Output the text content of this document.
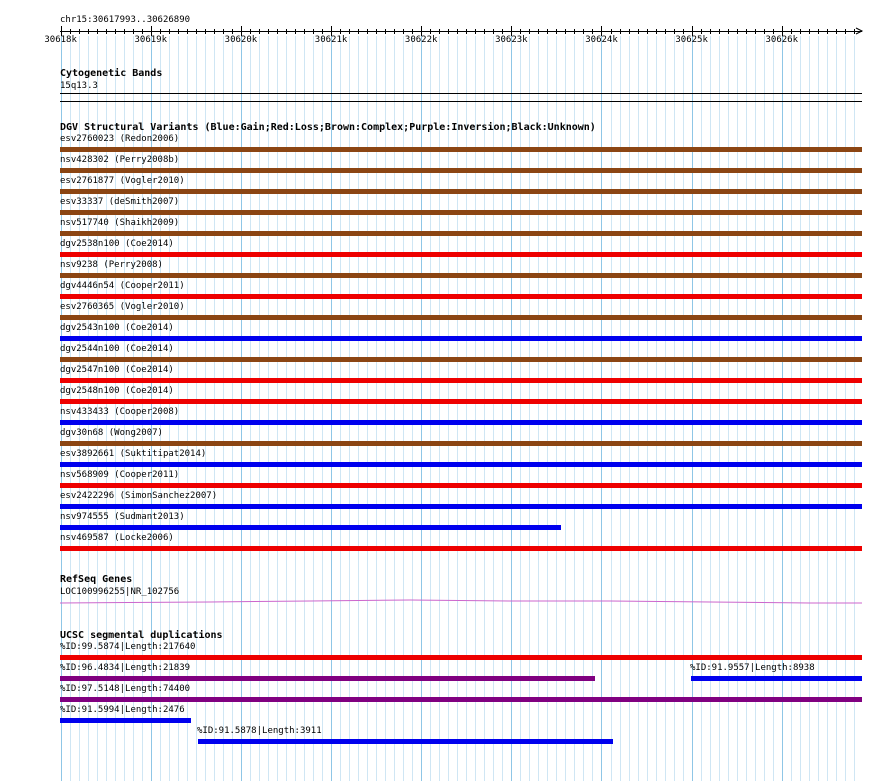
chr15:30617993..30626890
30618k	30619k	30620k	30621k	30622k	30623k	30624k	30625k	30626k
Cytogenetic Bands
15q13.3
DGV Structural Variants (Blue:Gain;Red:Loss;Brown:Complex;Purple:Inversion;Black:Unknown)
esv2760023 (Redon2006)
nsv428302 (Perry2008b)
esv2761877 (Vogler2010)
esv33337 (deSmith2007)
nsv517740 (Shaikh2009)
dgv2538n100 (Coe2014)
nsv9238 (Perry2008)
dgv4446n54 (Cooper2011)
esv2760365 (Vogler2010)
dgv2543n100 (Coe2014)
dgv2544n100 (Coe2014)
dgv2547n100 (Coe2014)
dgv2548n100 (Coe2014)
nsv433433 (Cooper2008)
dgv30n68 (Wong2007)
esv3892661 (Suktitipat2014)
nsv568909 (Cooper2011)
esv2422296 (SimonSanchez2007)
nsv974555 (Sudmant2013)
nsv469587 (Locke2006)
RefSeq Genes
LOC100996255|NR_102756
UCSC segmental duplications
%ID:99.5874|Length:217640
%ID:96.4834|Length:21839	%ID:91.9557|Length:8938
%ID:97.5148|Length:74400
%ID:91.5994|Length:2476
%ID:91.5878|Length:3911
